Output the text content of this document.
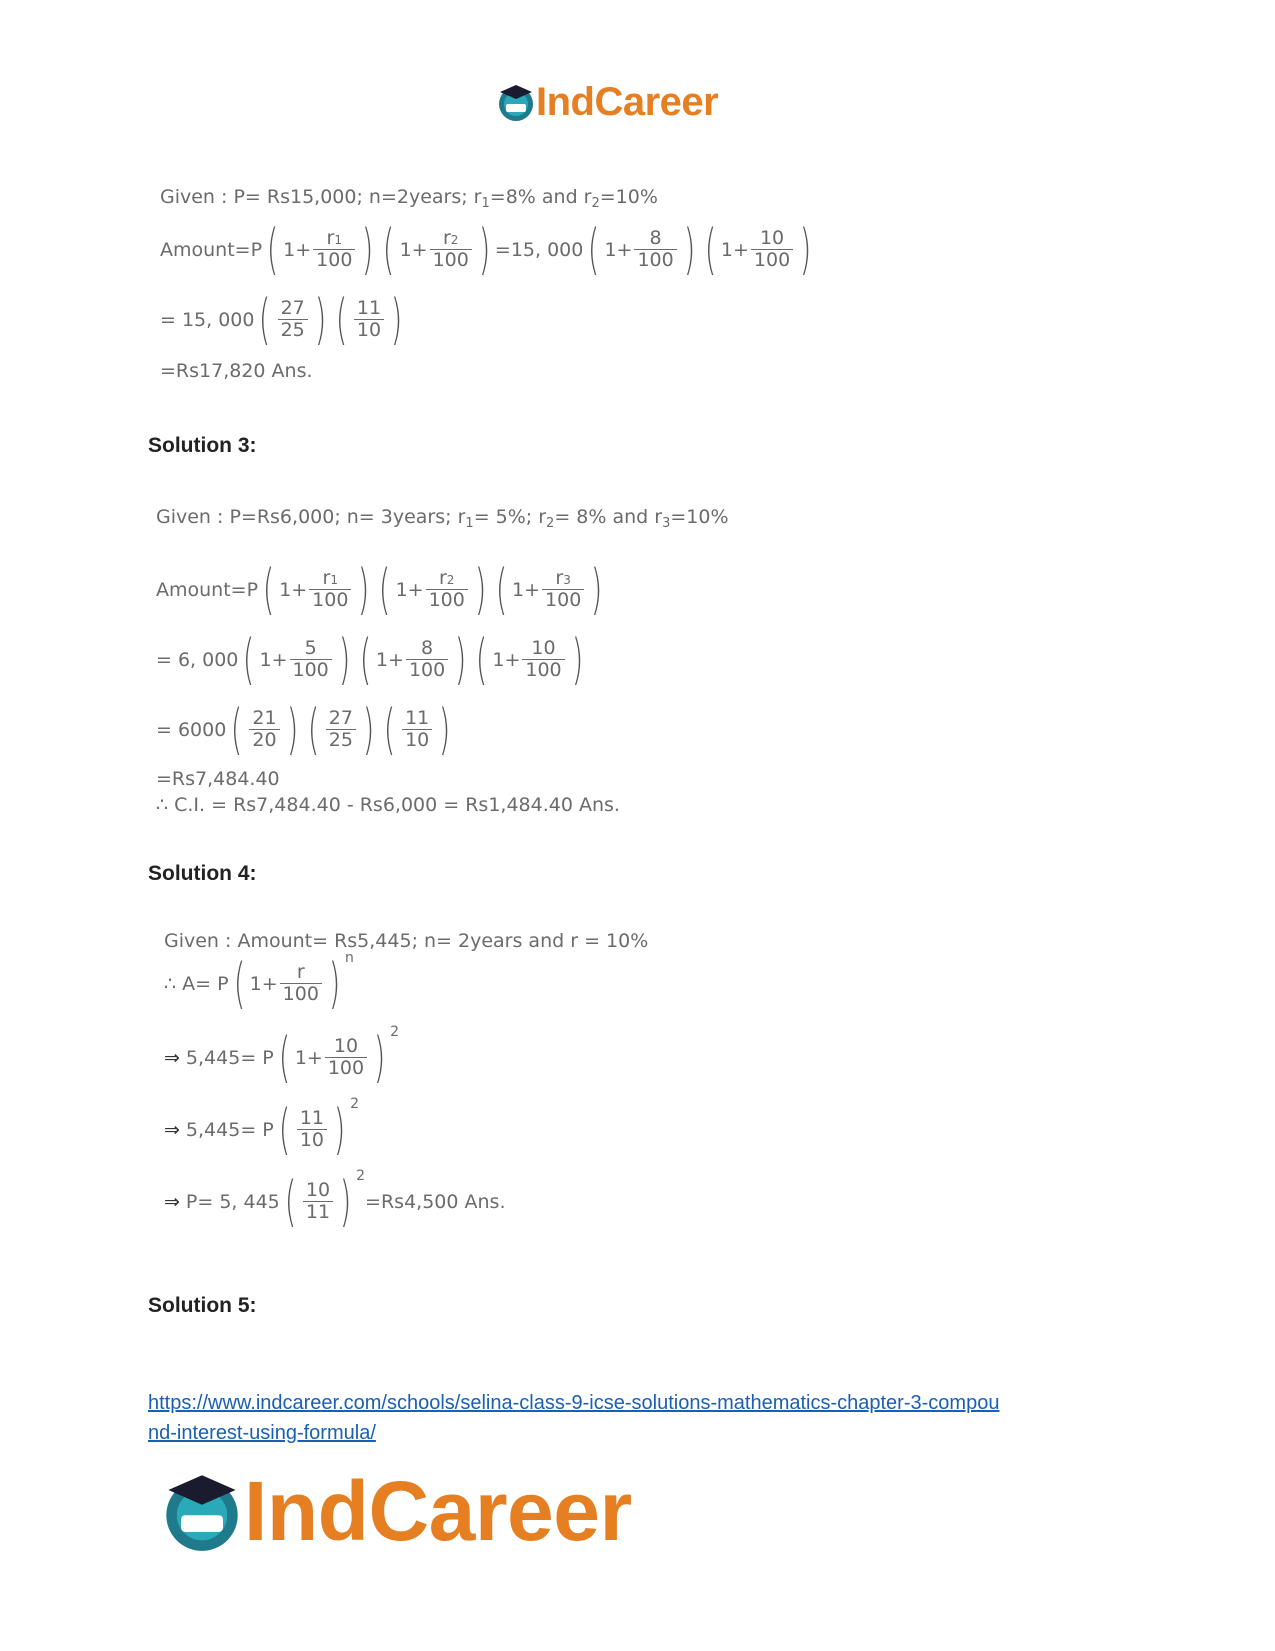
IndCareer
Given : P= Rs15,000; n=2years; r 1 =8% and r 2 =10%
Amount=P ( $1+ \frac{r1}{100}$ ) ( $1+ \frac{r2}{100}$ ) =15, 000 ( $1+ \frac{8}{100}$ ) ( $1+ \frac{10}{100}$ )
= 15, 000 ( $\frac{27}{25}$ ) ( $\frac{11}{10}$ )
=Rs17,820 Ans.
Solution 3:
Given : P=Rs6,000; n= 3years; r 1 = 5%; r 2 = 8% and r 3 =10%
Amount=P ( $1+ \frac{r1}{100}$ ) ( $1+ \frac{r2}{100}$ ) ( $1+ \frac{r3}{100}$ )
= 6, 000 ( $1+ \frac{5}{100}$ ) ( $1+ \frac{8}{100}$ ) ( $1+ \frac{10}{100}$ )
= 6000 ( $\frac{21}{20}$ ) ( $\frac{27}{25}$ ) ( $\frac{11}{10}$ )
=Rs7,484.40
∴ C.I. = Rs7,484.40 - Rs6,000 = Rs1,484.40 Ans.
Solution 4:
Given : Amount= Rs5,445; n= 2years and r = 10%
∴ A= P ( $1+ \frac{r}{100}$ ) n
⇒ 5,445= P ( $1+ \frac{10}{100}$ ) 2
⇒ 5,445= P ( $\frac{11}{10}$ ) 2
⇒ P= 5, 445 ( $\frac{10}{11}$ ) 2
=Rs4,500 Ans.
Solution 5:
https://www.indcareer.com/schools/selina-class-9-icse-solutions-mathematics-chapter-3-compou
nd-interest-using-formula/
IndCareer
